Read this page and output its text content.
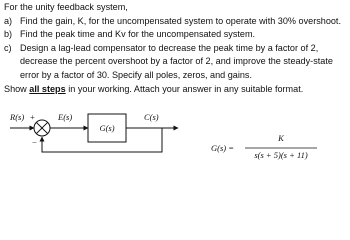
For the unity feedback system,
a) Find the gain, K, for the uncompensated system to operate with 30% overshoot.
b) Find the peak time and Kv for the uncompensated system.
c) Design a lag-lead compensator to decrease the peak time by a factor of 2, decrease the percent overshoot by a factor of 2, and improve the steady-state error by a factor of 30. Specify all poles, zeros, and gains.
Show all steps in your working. Attach your answer in any suitable format.
R(s) +
−
E(s)
G(s)
C(s)
G(s) =
K
s(s + 5)(s + 11)
